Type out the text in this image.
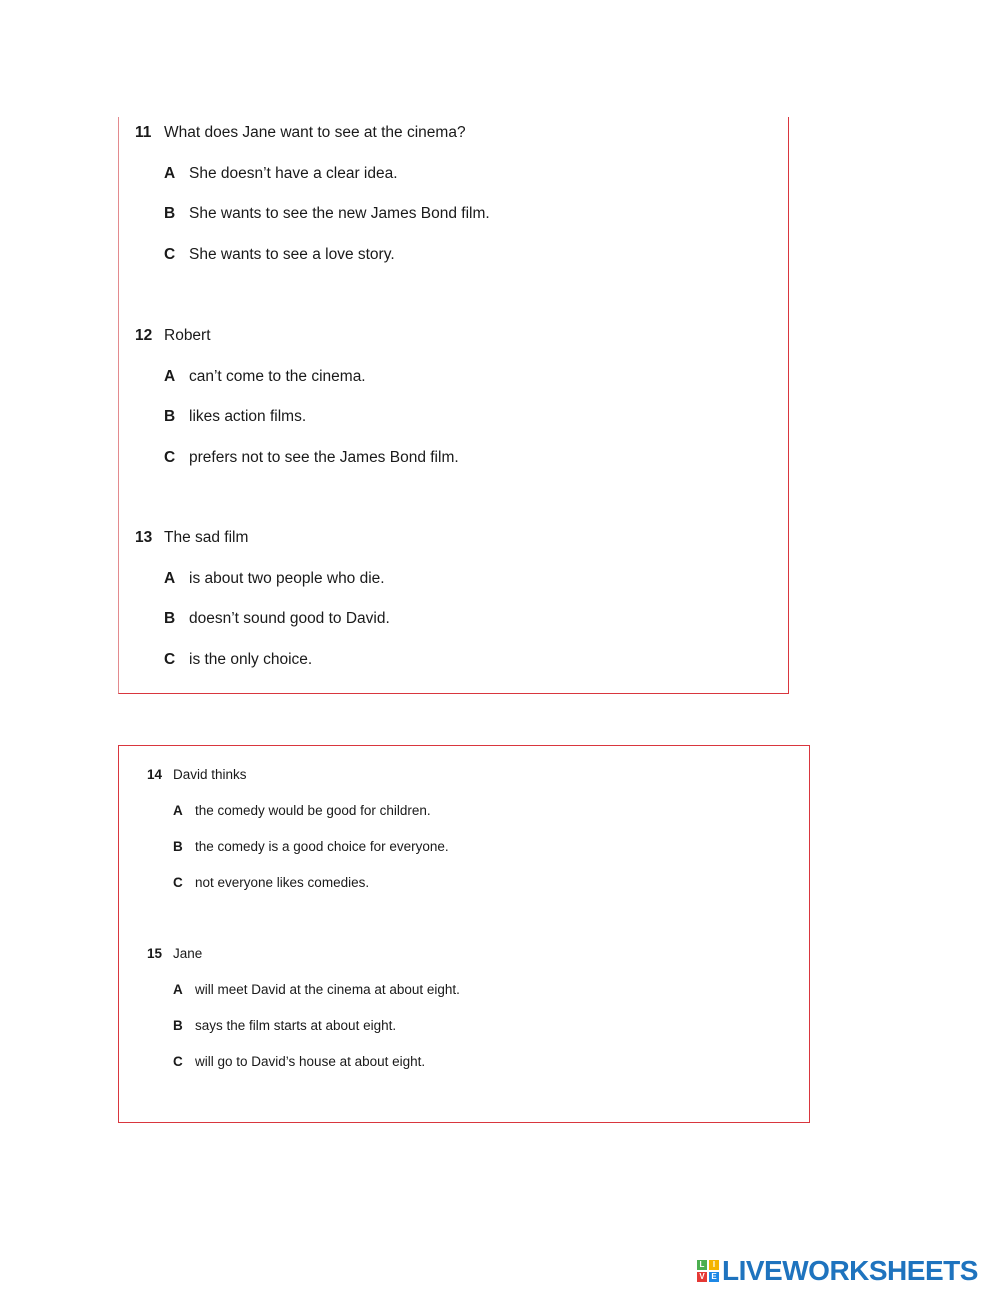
11 What does Jane want to see at the cinema?
A She doesn’t have a clear idea.
B She wants to see the new James Bond film.
C She wants to see a love story.
12 Robert
A can’t come to the cinema.
B likes action films.
C prefers not to see the James Bond film.
13 The sad film
A is about two people who die.
B doesn’t sound good to David.
C is the only choice.
14 David thinks
A the comedy would be good for children.
B the comedy is a good choice for everyone.
C not everyone likes comedies.
15 Jane
A will meet David at the cinema at about eight.
B says the film starts at about eight.
C will go to David’s house at about eight.
L	I
V E LIVEWORKSHEETS
